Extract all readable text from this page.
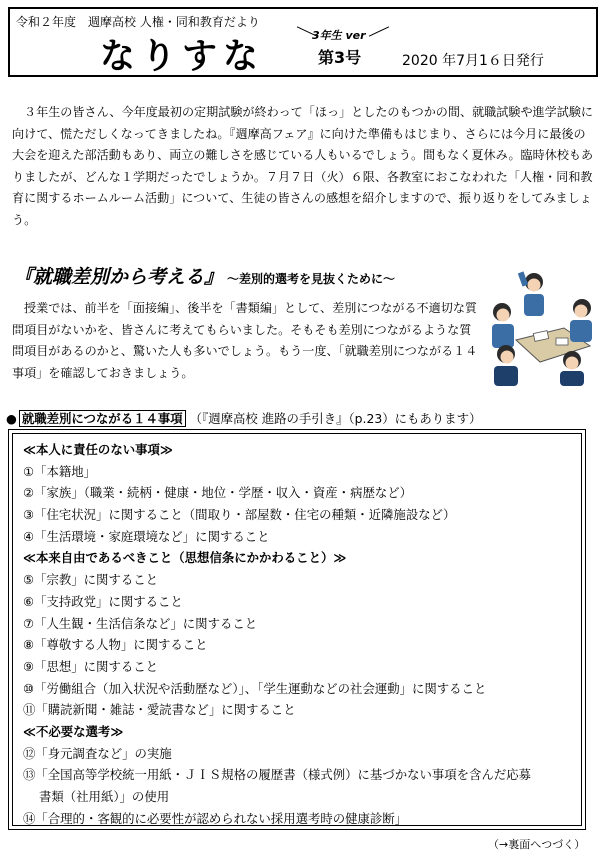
令和２年度　週摩高校 人権・同和教育だより
なりすな
3年生 ver
第3号	2020 年7月1６日発行

３年生の皆さん、今年度最初の定期試験が終わって「ほっ」としたのもつかの間、就職試験や進学試験に向けて、慌ただしくなってきましたね。『週摩高フェア』に向けた準備もはじまり、さらには今月に最後の大会を迎えた部活動もあり、両立の難しさを感じている人もいるでしょう。間もなく夏休み。臨時休校もありましたが、どんな１学期だったでしょうか。７月７日（火）６限、各教室におこなわれた「人権・同和教育に関するホームルーム活動」について、生徒の皆さんの感想を紹介しますので、振り返りをしてみましょう。

『就職差別から考える』 ～差別的選考を見抜くために～

授業では、前半を「面接編」、後半を「書類編」として、差別につながる不適切な質問項目がないかを、皆さんに考えてもらいました。そもそも差別につながるような質問項目があるのかと、驚いた人も多いでしょう。もう一度、「就職差別につながる１４事項」を確認しておきましょう。

● 就職差別につながる１４事項 （『週摩高校 進路の手引き』（p.23）にもあります）
≪本人に責任のない事項≫
①「本籍地」
②「家族」（職業・続柄・健康・地位・学歴・収入・資産・病歴など）
③「住宅状況」に関すること（間取り・部屋数・住宅の種類・近隣施設など）
④「生活環境・家庭環境など」に関すること
≪本来自由であるべきこと（思想信条にかかわること）≫
⑤「宗教」に関すること
⑥「支持政党」に関すること
⑦「人生観・生活信条など」に関すること
⑧「尊敬する人物」に関すること
⑨「思想」に関すること
⑩「労働組合（加入状況や活動歴など）」、「学生運動などの社会運動」に関すること
⑪「購読新聞・雑誌・愛読書など」に関すること
≪不必要な選考≫
⑫「身元調査など」の実施
⑬「全国高等学校統一用紙・ＪＩＳ規格の履歴書（様式例）に基づかない事項を含んだ応募
書類（社用紙）」の使用
⑭「合理的・客観的に必要性が認められない採用選考時の健康診断」
（→裏面へつづく）
